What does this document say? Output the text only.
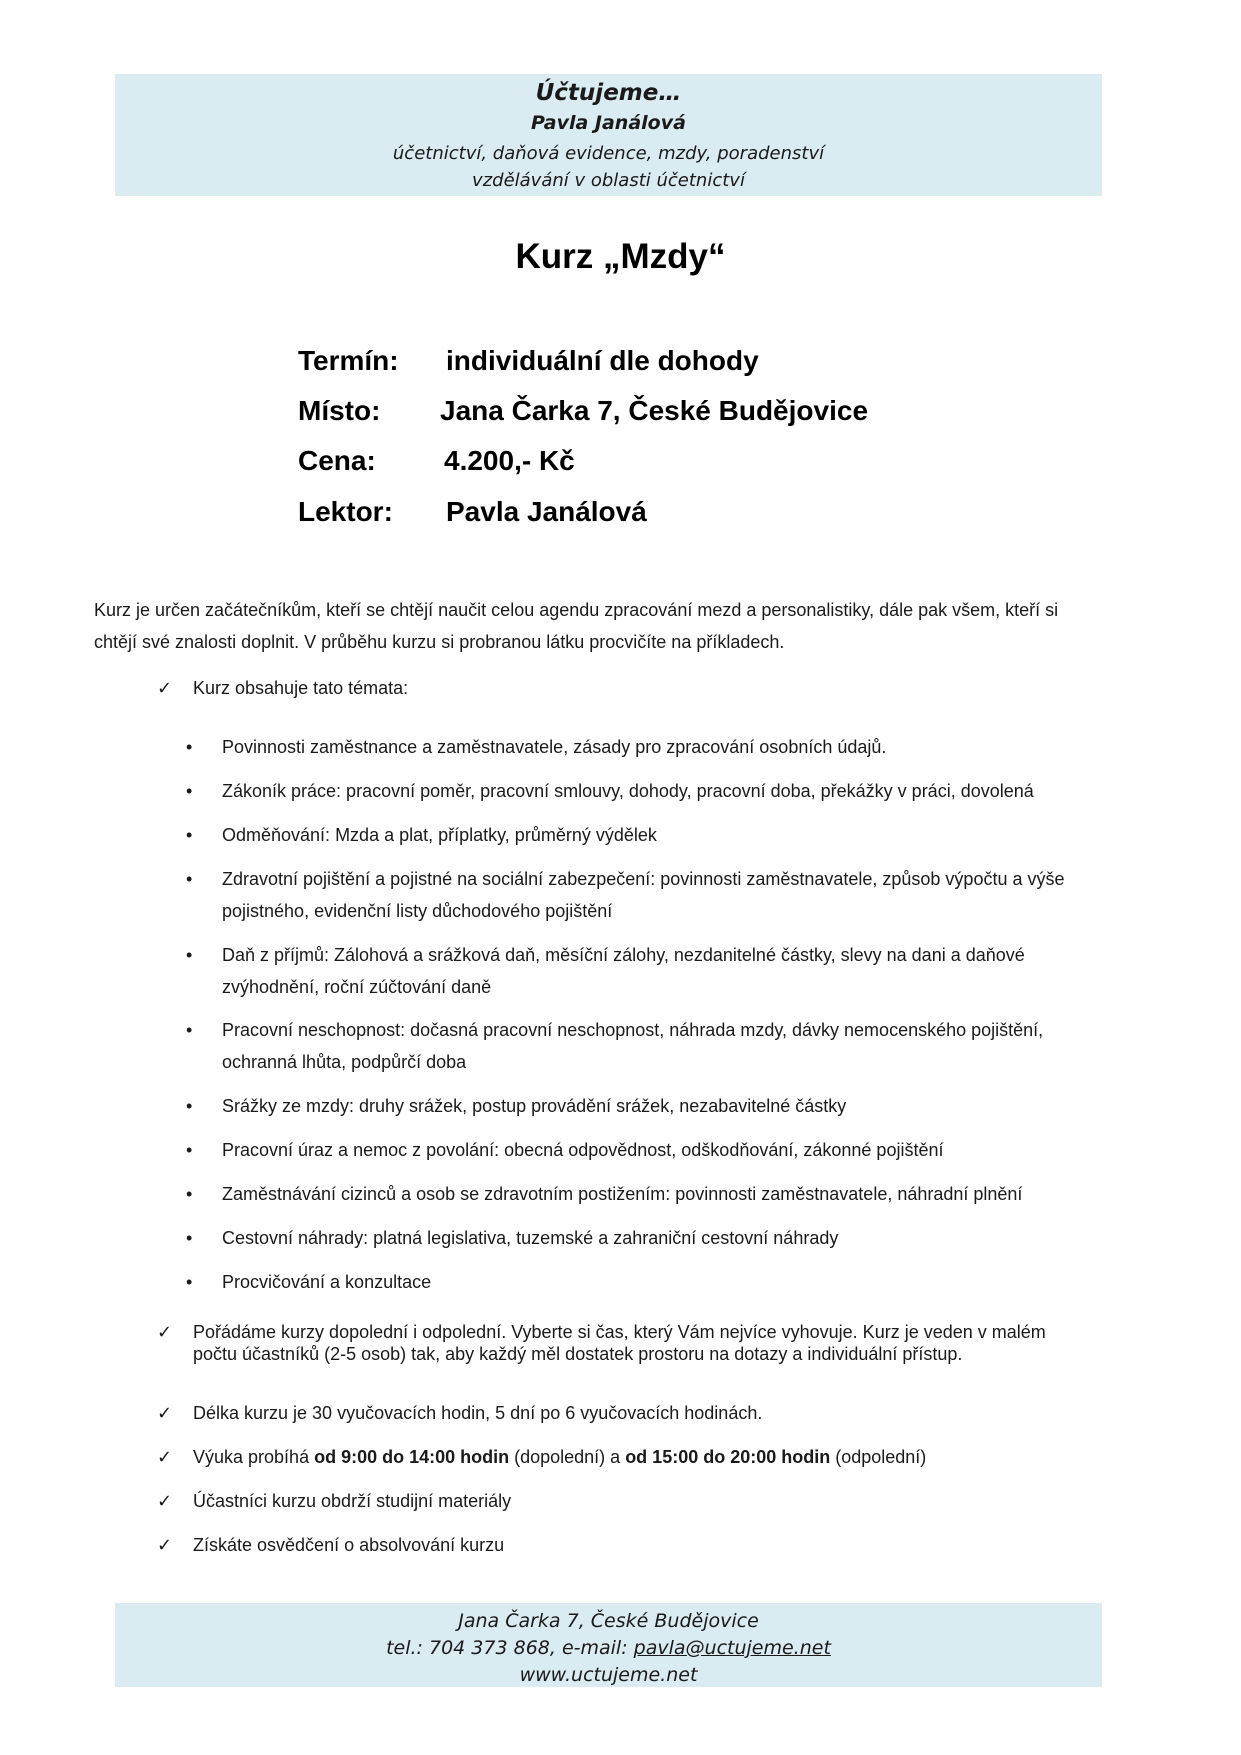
Účtujeme…
Pavla Janálová
účetnictví, daňová evidence, mzdy, poradenství
vzdělávání v oblasti účetnictví
Kurz „Mzdy“
Termín: individuální dle dohody
Místo: Jana Čarka 7, České Budějovice
Cena: 4.200,- Kč
Lektor: Pavla Janálová
Kurz je určen začátečníkům, kteří se chtějí naučit celou agendu zpracování mezd a personalistiky, dále pak všem, kteří si chtějí své znalosti doplnit. V průběhu kurzu si probranou látku procvičíte na příkladech.
✓ Kurz obsahuje tato témata:
• Povinnosti zaměstnance a zaměstnavatele, zásady pro zpracování osobních údajů.
• Zákoník práce: pracovní poměr, pracovní smlouvy, dohody, pracovní doba, překážky v práci, dovolená
• Odměňování: Mzda a plat, příplatky, průměrný výdělek
• Zdravotní pojištění a pojistné na sociální zabezpečení: povinnosti zaměstnavatele, způsob výpočtu a výše pojistného, evidenční listy důchodového pojištění
• Daň z příjmů: Zálohová a srážková daň, měsíční zálohy, nezdanitelné částky, slevy na dani a daňové zvýhodnění, roční zúčtování daně
• Pracovní neschopnost: dočasná pracovní neschopnost, náhrada mzdy, dávky nemocenského pojištění, ochranná lhůta, podpůrčí doba
• Srážky ze mzdy: druhy srážek, postup provádění srážek, nezabavitelné částky
• Pracovní úraz a nemoc z povolání: obecná odpovědnost, odškodňování, zákonné pojištění
• Zaměstnávání cizinců a osob se zdravotním postižením: povinnosti zaměstnavatele, náhradní plnění
• Cestovní náhrady: platná legislativa, tuzemské a zahraniční cestovní náhrady
• Procvičování a konzultace
✓ Pořádáme kurzy dopolední i odpolední. Vyberte si čas, který Vám nejvíce vyhovuje. Kurz je veden v malém počtu účastníků (2-5 osob) tak, aby každý měl dostatek prostoru na dotazy a individuální přístup.
✓ Délka kurzu je 30 vyučovacích hodin, 5 dní po 6 vyučovacích hodinách.
✓ Výuka probíhá od 9:00 do 14:00 hodin (dopolední) a od 15:00 do 20:00 hodin (odpolední)
✓ Účastníci kurzu obdrží studijní materiály
✓ Získáte osvědčení o absolvování kurzu
Jana Čarka 7, České Budějovice
tel.: 704 373 868, e-mail: pavla@uctujeme.net
www.uctujeme.net
